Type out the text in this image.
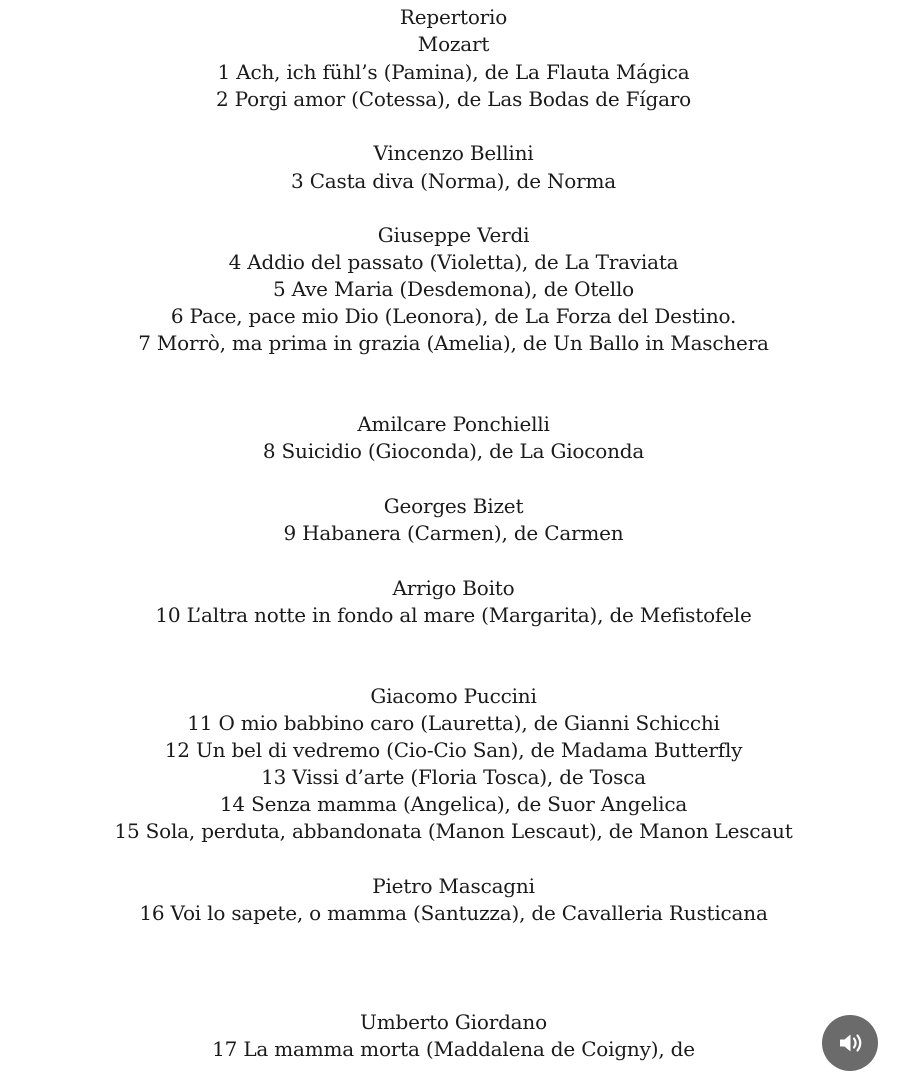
Repertorio
Mozart
1 Ach, ich fühl’s (Pamina), de La Flauta Mágica
2 Porgi amor (Cotessa), de Las Bodas de Fígaro
Vincenzo Bellini
3 Casta diva (Norma), de Norma
Giuseppe Verdi
4 Addio del passato (Violetta), de La Traviata
5 Ave Maria (Desdemona), de Otello
6 Pace, pace mio Dio (Leonora), de La Forza del Destino.
7 Morrò, ma prima in grazia (Amelia), de Un Ballo in Maschera
Amilcare Ponchielli
8 Suicidio (Gioconda), de La Gioconda
Georges Bizet
9 Habanera (Carmen), de Carmen
Arrigo Boito
10 L’altra notte in fondo al mare (Margarita), de Mefistofele
Giacomo Puccini
11 O mio babbino caro (Lauretta), de Gianni Schicchi
12 Un bel di vedremo (Cio-Cio San), de Madama Butterfly
13 Vissi d’arte (Floria Tosca), de Tosca
14 Senza mamma (Angelica), de Suor Angelica
15 Sola, perduta, abbandonata (Manon Lescaut), de Manon Lescaut
Pietro Mascagni
16 Voi lo sapete, o mamma (Santuzza), de Cavalleria Rusticana
Umberto Giordano
17 La mamma morta (Maddalena de Coigny), de
